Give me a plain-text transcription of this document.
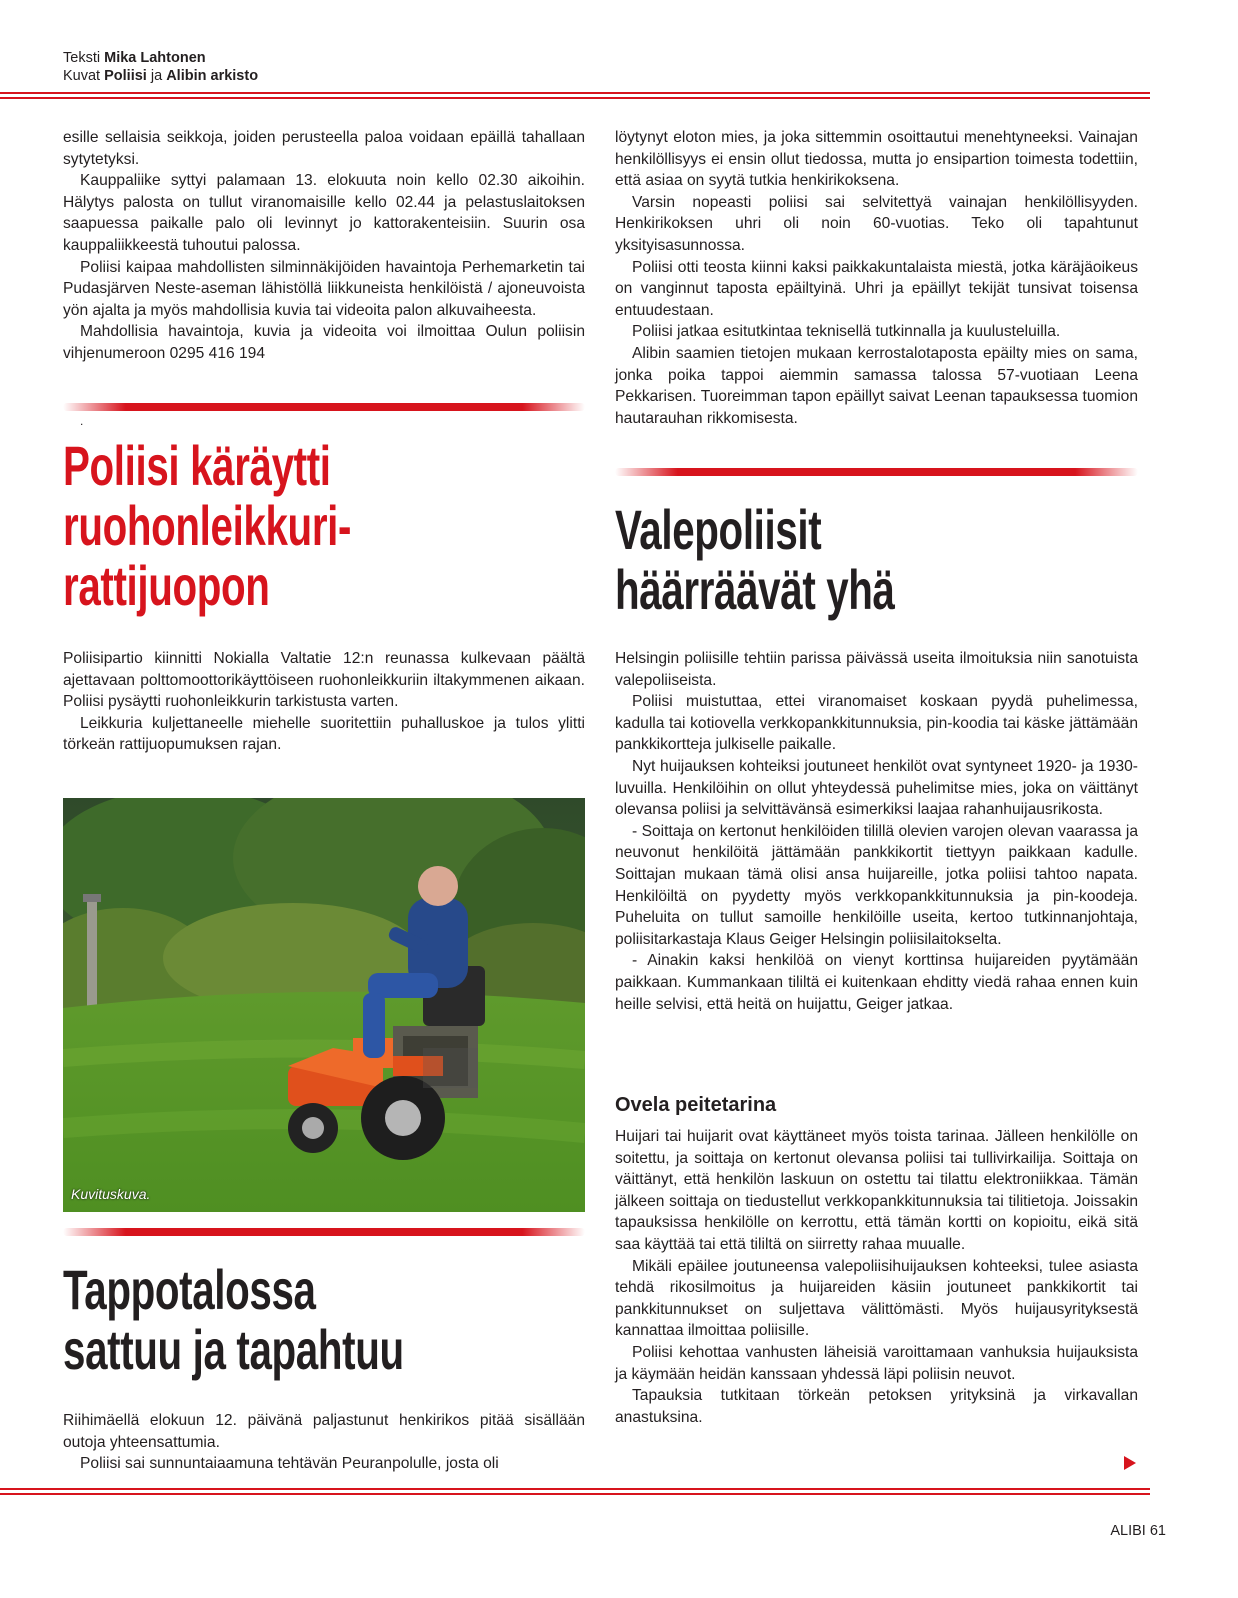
Teksti Mika Lahtonen
Kuvat Poliisi ja Alibin arkisto

esille sellaisia seikkoja, joiden perusteella paloa voidaan epäillä tahallaan sytytetyksi.

Kauppaliike syttyi palamaan 13. elokuuta noin kello 02.30 aikoihin. Hälytys palosta on tullut viranomaisille kello 02.44 ja pelastuslaitoksen saapuessa paikalle palo oli levinnyt jo kattorakenteisiin. Suurin osa kauppaliikkeestä tuhoutui palossa.

Poliisi kaipaa mahdollisten silminnäkijöiden havaintoja Perhemarketin tai Pudasjärven Neste-aseman lähistöllä liikkuneista henkilöistä / ajoneuvoista yön ajalta ja myös mahdollisia kuvia tai videoita palon alkuvaiheesta.

Mahdollisia havaintoja, kuvia ja videoita voi ilmoittaa Oulun poliisin vihjenumeroon 0295 416 194

.
Poliisi käräytti
ruohonleikkuri-
rattijuopon

Poliisipartio kiinnitti Nokialla Valtatie 12:n reunassa kulkevaan päältä ajettavaan polttomoottorikäyttöiseen ruohonleikkuriin iltakymmenen aikaan. Poliisi pysäytti ruohonleikkurin tarkistusta varten.

Leikkuria kuljettaneelle miehelle suoritettiin puhalluskoe ja tulos ylitti törkeän rattijuopumuksen rajan.

Kuvituskuva.
Tappotalossa
sattuu ja tapahtuu

Riihimäellä elokuun 12. päivänä paljastunut henkirikos pitää sisällään outoja yhteensattumia.

Poliisi sai sunnuntaiaamuna tehtävän Peuranpolulle, josta oli

löytynyt eloton mies, ja joka sittemmin osoittautui menehtyneeksi. Vainajan henkilöllisyys ei ensin ollut tiedossa, mutta jo ensipartion toimesta todettiin, että asiaa on syytä tutkia henkirikoksena.

Varsin nopeasti poliisi sai selvitettyä vainajan henkilöllisyyden. Henkirikoksen uhri oli noin 60-vuotias. Teko oli tapahtunut yksityisasunnossa.

Poliisi otti teosta kiinni kaksi paikkakuntalaista miestä, jotka käräjäoikeus on vanginnut taposta epäiltyinä. Uhri ja epäillyt tekijät tunsivat toisensa entuudestaan.

Poliisi jatkaa esitutkintaa teknisellä tutkinnalla ja kuulusteluilla.

Alibin saamien tietojen mukaan kerrostalotaposta epäilty mies on sama, jonka poika tappoi aiemmin samassa talossa 57-vuotiaan Leena Pekkarisen. Tuoreimman tapon epäillyt saivat Leenan tapauksessa tuomion hautarauhan rikkomisesta.

Valepoliisit
häärräävät yhä

Helsingin poliisille tehtiin parissa päivässä useita ilmoituksia niin sanotuista valepoliiseista.

Poliisi muistuttaa, ettei viranomaiset koskaan pyydä puhelimessa, kadulla tai kotiovella verkkopankkitunnuksia, pin-koodia tai käske jättämään pankkikortteja julkiselle paikalle.

Nyt huijauksen kohteiksi joutuneet henkilöt ovat syntyneet 1920- ja 1930-luvuilla. Henkilöihin on ollut yhteydessä puhelimitse mies, joka on väittänyt olevansa poliisi ja selvittävänsä esimerkiksi laajaa rahanhuijausrikosta.

- Soittaja on kertonut henkilöiden tilillä olevien varojen olevan vaarassa ja neuvonut henkilöitä jättämään pankkikortit tiettyyn paikkaan kadulle. Soittajan mukaan tämä olisi ansa huijareille, jotka poliisi tahtoo napata. Henkilöiltä on pyydetty myös verkkopankkitunnuksia ja pin-koodeja. Puheluita on tullut samoille henkilöille useita, kertoo tutkinnanjohtaja, poliisitarkastaja Klaus Geiger Helsingin poliisilaitokselta.

- Ainakin kaksi henkilöä on vienyt korttinsa huijareiden pyytämään paikkaan. Kummankaan tililtä ei kuitenkaan ehditty viedä rahaa ennen kuin heille selvisi, että heitä on huijattu, Geiger jatkaa.

Ovela peitetarina

Huijari tai huijarit ovat käyttäneet myös toista tarinaa. Jälleen henkilölle on soitettu, ja soittaja on kertonut olevansa poliisi tai tullivirkailija. Soittaja on väittänyt, että henkilön laskuun on ostettu tai tilattu elektroniikkaa. Tämän jälkeen soittaja on tiedustellut verkkopankkitunnuksia tai tilitietoja. Joissakin tapauksissa henkilölle on kerrottu, että tämän kortti on kopioitu, eikä sitä saa käyttää tai että tililtä on siirretty rahaa muualle.

Mikäli epäilee joutuneensa valepoliisihuijauksen kohteeksi, tulee asiasta tehdä rikosilmoitus ja huijareiden käsiin joutuneet pankkikortit tai pankkitunnukset on suljettava välittömästi. Myös huijausyrityksestä kannattaa ilmoittaa poliisille.

Poliisi kehottaa vanhusten läheisiä varoittamaan vanhuksia huijauksista ja käymään heidän kanssaan yhdessä läpi poliisin neuvot.

Tapauksia tutkitaan törkeän petoksen yrityksinä ja virkavallan anastuksina.

ALIBI 61
